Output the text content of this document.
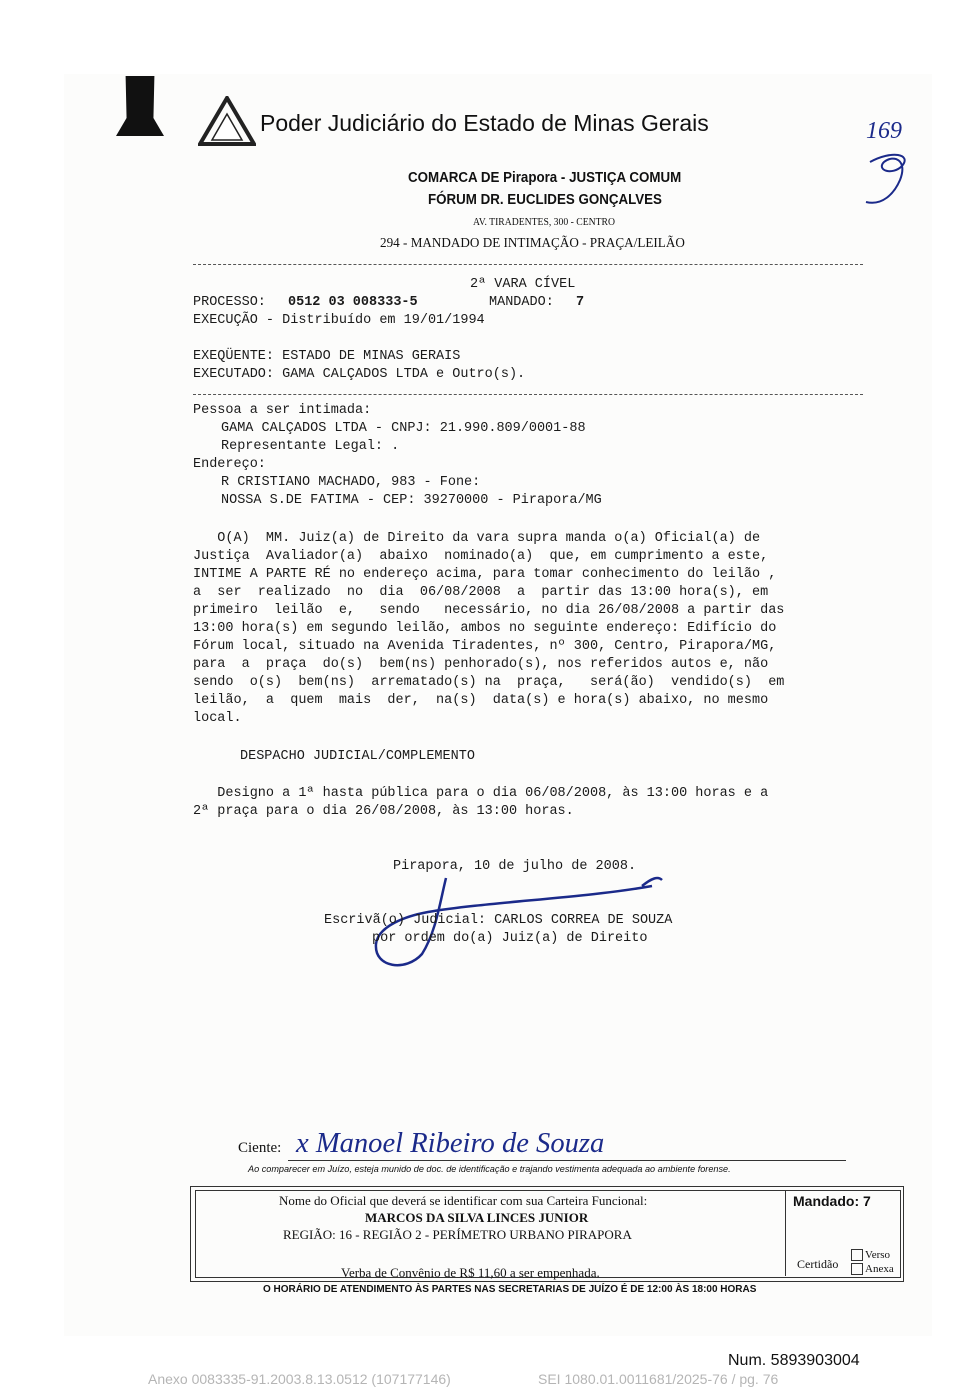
Poder Judiciário do Estado de Minas Gerais	169
COMARCA DE Pirapora - JUSTIÇA COMUM
FÓRUM DR. EUCLIDES GONÇALVES
AV. TIRADENTES, 300 - CENTRO
294 - MANDADO DE INTIMAÇÃO - PRAÇA/LEILÃO
2ª VARA CÍVEL
PROCESSO: 0512 03 008333-5	MANDADO: 7
EXECUÇÃO - Distribuído em 19/01/1994
EXEQÜENTE: ESTADO DE MINAS GERAIS
EXECUTADO: GAMA CALÇADOS LTDA e Outro(s).
Pessoa a ser intimada:
GAMA CALÇADOS LTDA - CNPJ: 21.990.809/0001-88
Representante Legal: .
Endereço:
R CRISTIANO MACHADO, 983 - Fone:
NOSSA S.DE FATIMA - CEP: 39270000 - Pirapora/MG
O(A)  MM. Juiz(a) de Direito da vara supra manda o(a) Oficial(a) de
Justiça  Avaliador(a)  abaixo  nominado(a)  que, em cumprimento a este,
INTIME A PARTE RÉ no endereço acima, para tomar conhecimento do leilão ,
a  ser  realizado  no  dia  06/08/2008  a  partir das 13:00 hora(s), em
primeiro  leilão  e,   sendo   necessário, no dia 26/08/2008 a partir das
13:00 hora(s) em segundo leilão, ambos no seguinte endereço: Edifício do
Fórum local, situado na Avenida Tiradentes, nº 300, Centro, Pirapora/MG,
para  a  praça  do(s)  bem(ns) penhorado(s), nos referidos autos e, não
sendo  o(s)  bem(ns)  arrematado(s) na  praça,   será(ão)  vendido(s)  em
leilão,  a  quem  mais  der,  na(s)  data(s) e hora(s) abaixo, no mesmo
local.
DESPACHO JUDICIAL/COMPLEMENTO
Designo a 1ª hasta pública para o dia 06/08/2008, às 13:00 horas e a
2ª praça para o dia 26/08/2008, às 13:00 horas.
Pirapora, 10 de julho de 2008.
Escrivã(o) Judicial: CARLOS CORREA DE SOUZA
por ordem do(a) Juiz(a) de Direito
Ciente: x Manoel Ribeiro de Souza
Ao comparecer em Juízo, esteja munido de doc. de identificação e trajando vestimenta adequada ao ambiente forense.
Nome do Oficial que deverá se identificar com sua Carteira Funcional:
MARCOS DA SILVA LINCES JUNIOR
REGIÃO: 16 - REGIÃO 2 - PERÍMETRO URBANO PIRAPORA
Verba de Convênio de R$ 11,60 a ser empenhada.
Mandado: 7
Certidão
Verso
Anexa
O HORÁRIO DE ATENDIMENTO ÀS PARTES NAS SECRETARIAS DE JUÍZO É DE 12:00 ÀS 18:00 HORAS
Num. 5893903004
Anexo 0083335-91.2003.8.13.0512 (107177146)	SEI 1080.01.0011681/2025-76 / pg. 76
